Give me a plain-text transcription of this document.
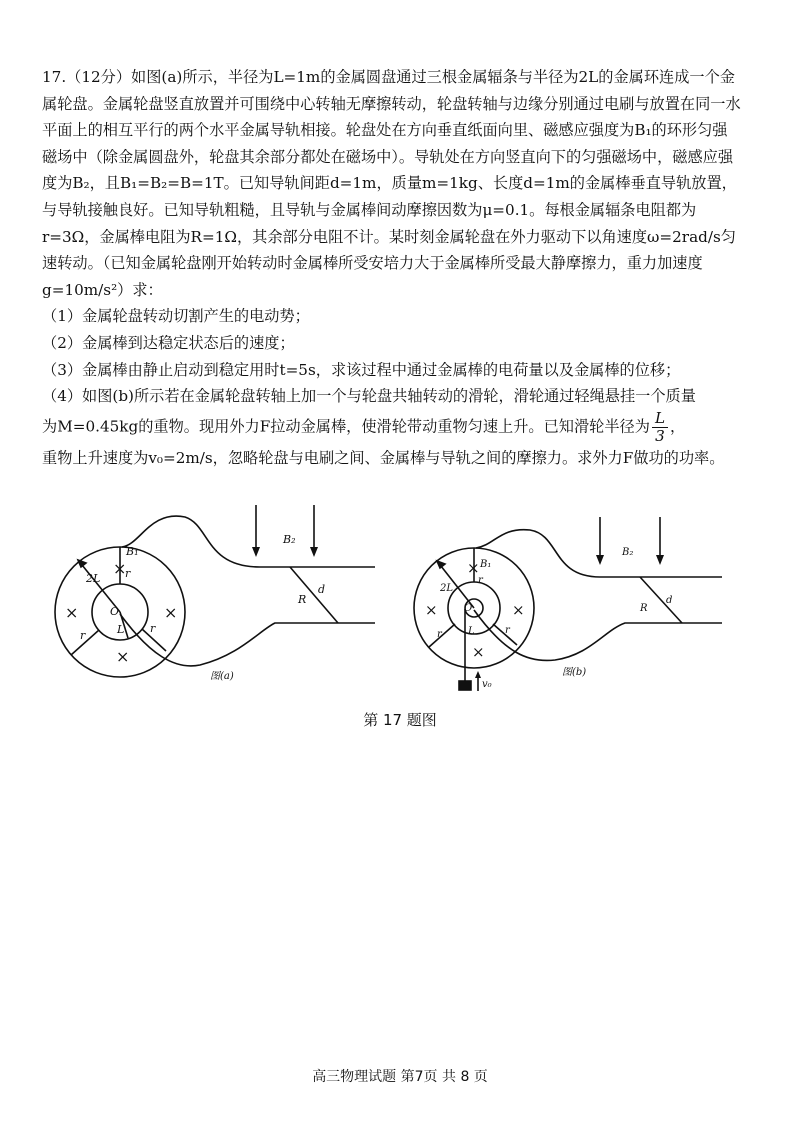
17.（12分）如图(a)所示，半径为L=1m的金属圆盘通过三根金属辐条与半径为2L的金属环连成一个金属轮盘。金属轮盘竖直放置并可围绕中心转轴无摩擦转动，轮盘转轴与边缘分别通过电刷与放置在同一水平面上的相互平行的两个水平金属导轨相接。轮盘处在方向垂直纸面向里、磁感应强度为B₁的环形匀强磁场中（除金属圆盘外，轮盘其余部分都处在磁场中）。导轨处在方向竖直向下的匀强磁场中，磁感应强度为B₂，且B₁=B₂=B=1T。已知导轨间距d=1m，质量m=1kg、长度d=1m的金属棒垂直导轨放置，与导轨接触良好。已知导轨粗糙，且导轨与金属棒间动摩擦因数为μ=0.1。每根金属辐条电阻都为r=3Ω，金属棒电阻为R=1Ω，其余部分电阻不计。某时刻金属轮盘在外力驱动下以角速度ω=2rad/s匀速转动。（已知金属轮盘刚开始转动时金属棒所受安培力大于金属棒所受最大静摩擦力，重力加速度g=10m/s²）求：

（1）金属轮盘转动切割产生的电动势；

（2）金属棒到达稳定状态后的速度；

（3）金属棒由静止启动到稳定用时t=5s，求该过程中通过金属棒的电荷量以及金属棒的位移；

（4）如图(b)所示若在金属轮盘转轴上加一个与轮盘共轴转动的滑轮，滑轮通过轻绳悬挂一个质量

为M=0.45kg的重物。现用外力F拉动金属棒，使滑轮带动重物匀速上升。已知滑轮半径为 $\frac{L}{3}$ ，

重物上升速度为v₀=2m/s，忽略轮盘与电刷之间、金属棒与导轨之间的摩擦力。求外力F做功的功率。

B₁
r
2L
O
L
r
r
B₂
d
R
图(a)
×
×	×
×
B₁
r
2L
O
L
r	r
B₂
d
R
v₀
图(b)
×
×	×
×
第 17 题图
高三物理试题 第7页 共 8 页
